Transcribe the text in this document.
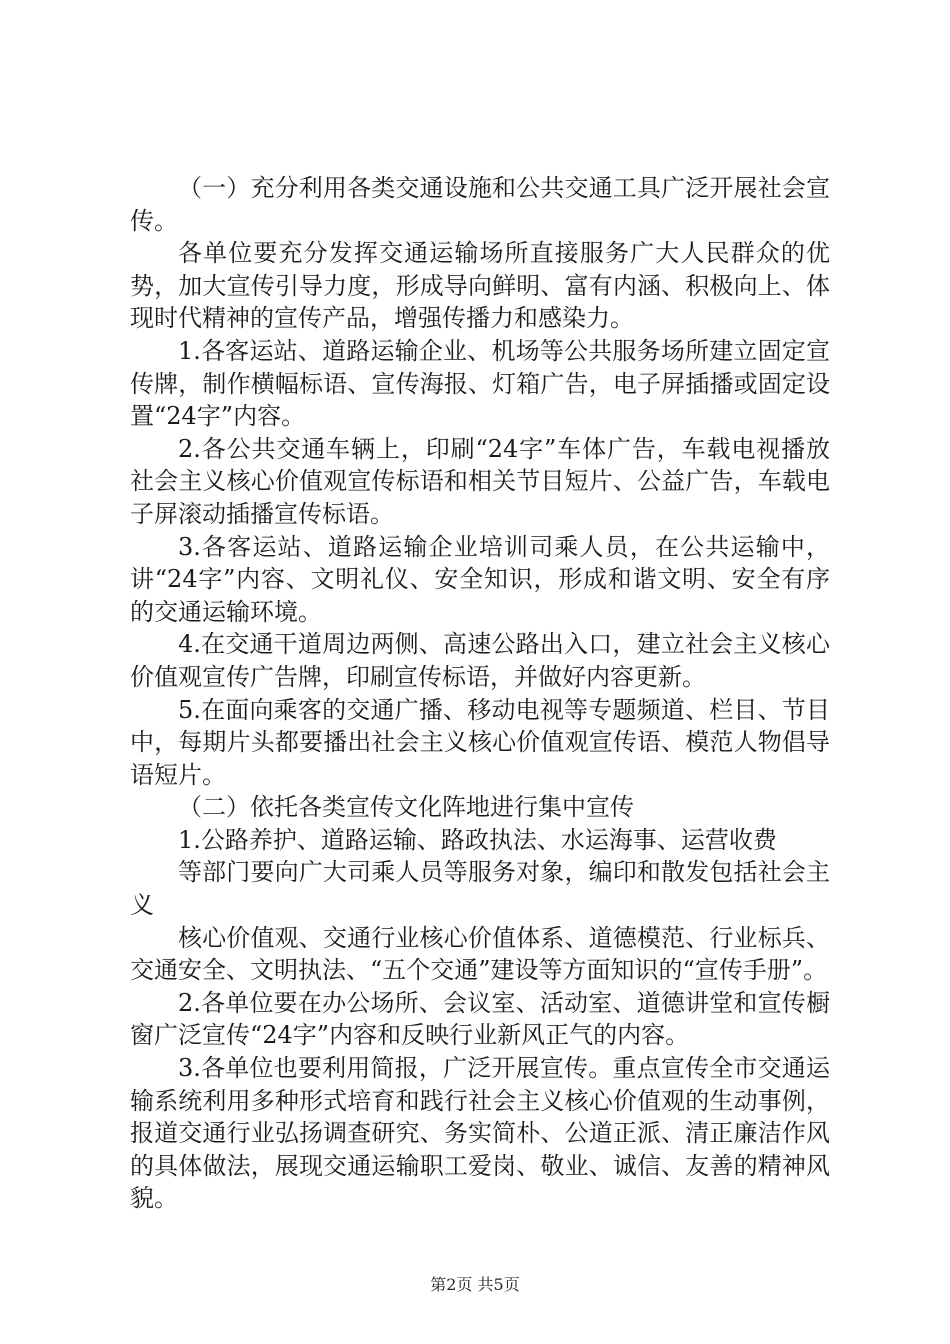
（一）充分利用各类交通设施和公共交通工具广泛开展社会宣传。

各单位要充分发挥交通运输场所直接服务广大人民群众的优势，加大宣传引导力度，形成导向鲜明、富有内涵、积极向上、体现时代精神的宣传产品，增强传播力和感染力。

1.各客运站、道路运输企业、机场等公共服务场所建立固定宣传牌，制作横幅标语、宣传海报、灯箱广告，电子屏插播或固定设置“24字”内容。

2.各公共交通车辆上，印刷“24字”车体广告，车载电视播放社会主义核心价值观宣传标语和相关节目短片、公益广告，车载电子屏滚动插播宣传标语。

3.各客运站、道路运输企业培训司乘人员，在公共运输中，讲“24字”内容、文明礼仪、安全知识，形成和谐文明、安全有序的交通运输环境。

4.在交通干道周边两侧、高速公路出入口，建立社会主义核心价值观宣传广告牌，印刷宣传标语，并做好内容更新。

5.在面向乘客的交通广播、移动电视等专题频道、栏目、节目中，每期片头都要播出社会主义核心价值观宣传语、模范人物倡导语短片。

（二）依托各类宣传文化阵地进行集中宣传

1.公路养护、道路运输、路政执法、水运海事、运营收费

等部门要向广大司乘人员等服务对象，编印和散发包括社会主义

核心价值观、交通行业核心价值体系、道德模范、行业标兵、交通安全、文明执法、“五个交通”建设等方面知识的“宣传手册”。

2.各单位要在办公场所、会议室、活动室、道德讲堂和宣传橱窗广泛宣传“24字”内容和反映行业新风正气的内容。

3.各单位也要利用简报，广泛开展宣传。重点宣传全市交通运输系统利用多种形式培育和践行社会主义核心价值观的生动事例，报道交通行业弘扬调查研究、务实简朴、公道正派、清正廉洁作风的具体做法，展现交通运输职工爱岗、敬业、诚信、友善的精神风貌。

第2页 共5页
